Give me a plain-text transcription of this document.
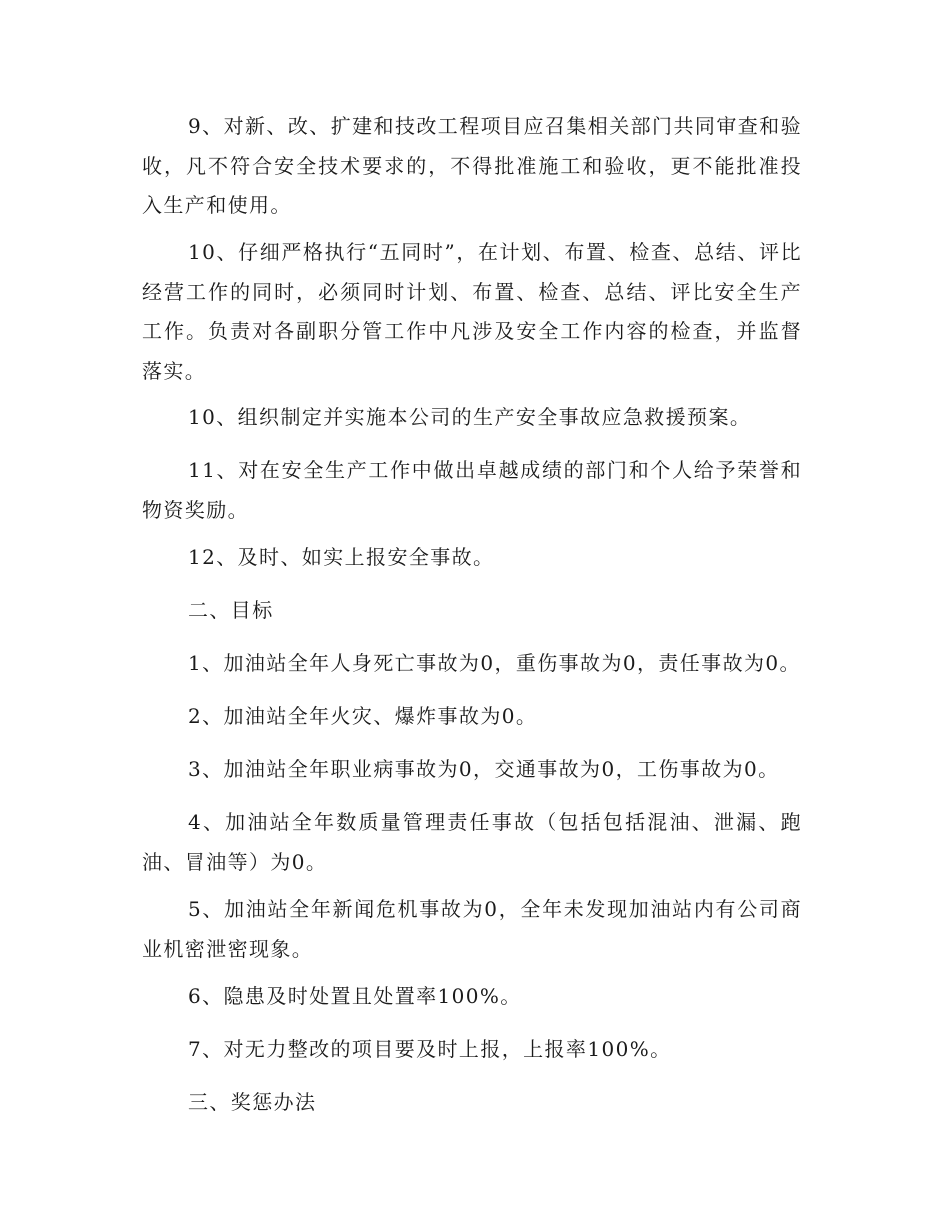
9、对新、改、扩建和技改工程项目应召集相关部门共同审查和验收，凡不符合安全技术要求的，不得批准施工和验收，更不能批准投入生产和使用。

10、仔细严格执行“五同时”，在计划、布置、检查、总结、评比经营工作的同时，必须同时计划、布置、检查、总结、评比安全生产工作。负责对各副职分管工作中凡涉及安全工作内容的检查，并监督落实。

10、组织制定并实施本公司的生产安全事故应急救援预案。

11、对在安全生产工作中做出卓越成绩的部门和个人给予荣誉和物资奖励。

12、及时、如实上报安全事故。

二、目标

1、加油站全年人身死亡事故为0，重伤事故为0，责任事故为0。

2、加油站全年火灾、爆炸事故为0。

3、加油站全年职业病事故为0，交通事故为0，工伤事故为0。

4、加油站全年数质量管理责任事故（包括包括混油、泄漏、跑油、冒油等）为0。

5、加油站全年新闻危机事故为0，全年未发现加油站内有公司商业机密泄密现象。

6、隐患及时处置且处置率100%。

7、对无力整改的项目要及时上报，上报率100%。

三、奖惩办法
